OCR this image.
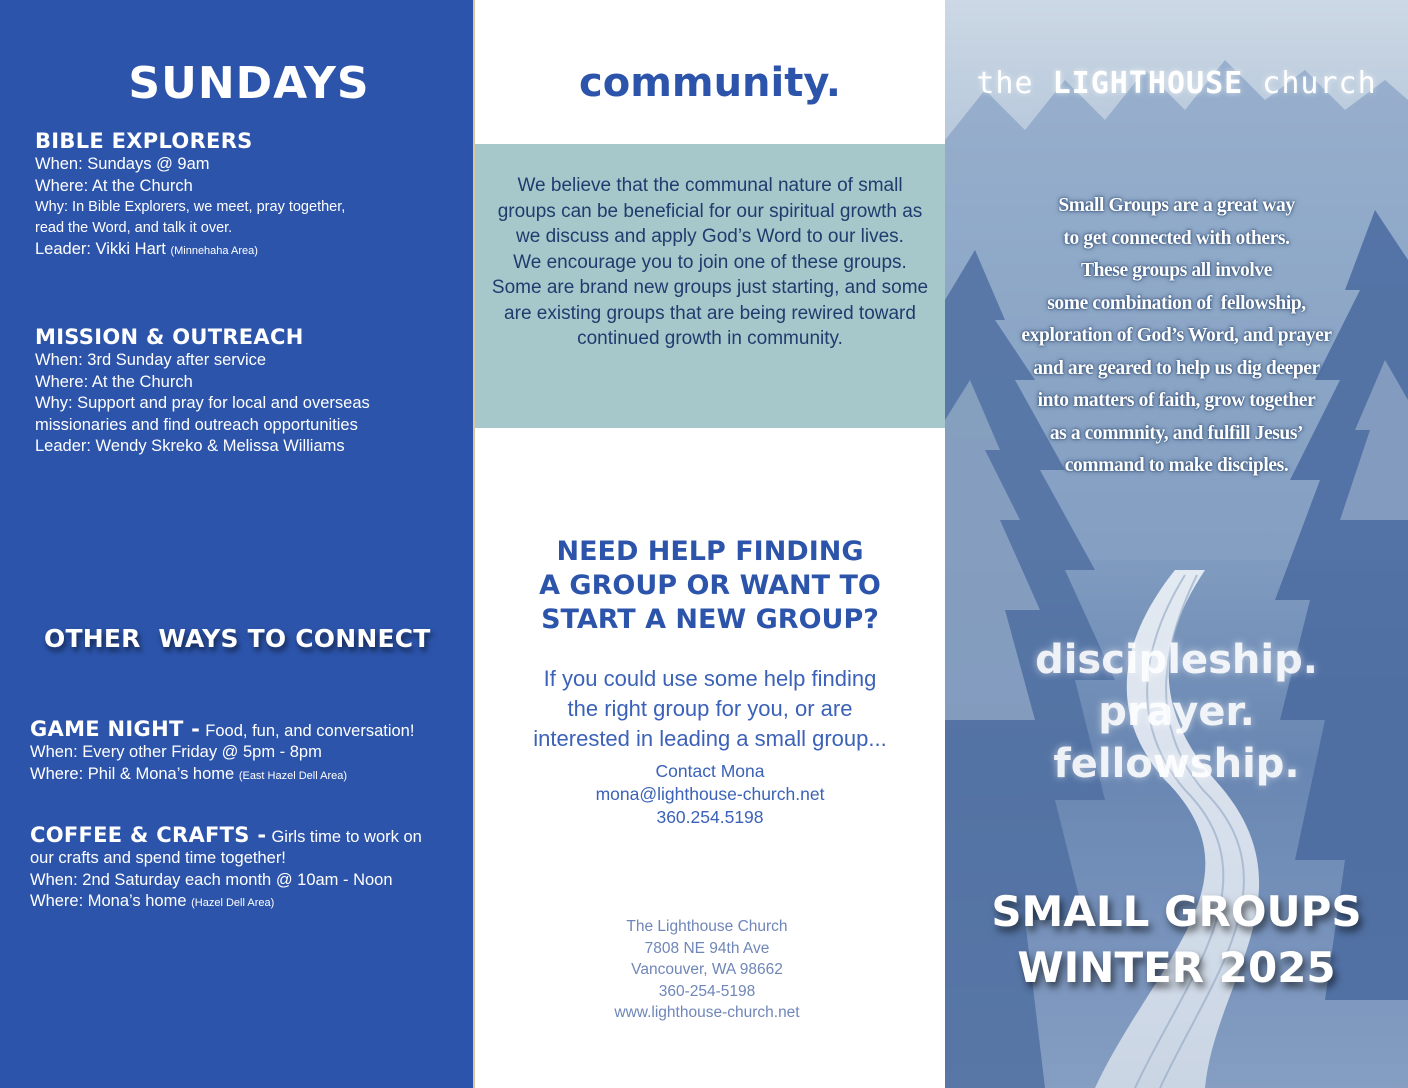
SUNDAYS
BIBLE EXPLORERS
When: Sundays @ 9am
Where: At the Church
Why: In Bible Explorers, we meet, pray together,
read the Word, and talk it over.
Leader: Vikki Hart (Minnehaha Area)
MISSION & OUTREACH
When: 3rd Sunday after service
Where: At the Church
Why: Support and pray for local and overseas
missionaries and find outreach opportunities
Leader: Wendy Skreko & Melissa Williams
OTHER  WAYS TO CONNECT
GAME NIGHT - Food, fun, and conversation!
When: Every other Friday @ 5pm - 8pm
Where: Phil & Mona’s home (East Hazel Dell Area)
COFFEE & CRAFTS - Girls time to work on
our crafts and spend time together!
When: 2nd Saturday each month @ 10am - Noon
Where: Mona’s home (Hazel Dell Area)
community.
We believe that the communal nature of small groups can be beneficial for our spiritual growth as we discuss and apply God’s Word to our lives.
We encourage you to join one of these groups. Some are brand new groups just starting, and some are existing groups that are being rewired toward continued growth in community.
NEED HELP FINDING
A GROUP OR WANT TO
START A NEW GROUP?
If you could use some help finding
the right group for you, or are
interested in leading a small group...
Contact Mona
mona@lighthouse-church.net
360.254.5198
The Lighthouse Church
7808 NE 94th Ave
Vancouver, WA 98662
360-254-5198
www.lighthouse-church.net
the LIGHTHOUSE church
Small Groups are a great way
to get connected with others.
These groups all involve
some combination of  fellowship,
exploration of God’s Word, and prayer
and are geared to help us dig deeper
into matters of faith, grow together
as a commnity, and fulfill Jesus’
command to make disciples.
discipleship.
prayer.
fellowship.
SMALL GROUPS
WINTER 2025
